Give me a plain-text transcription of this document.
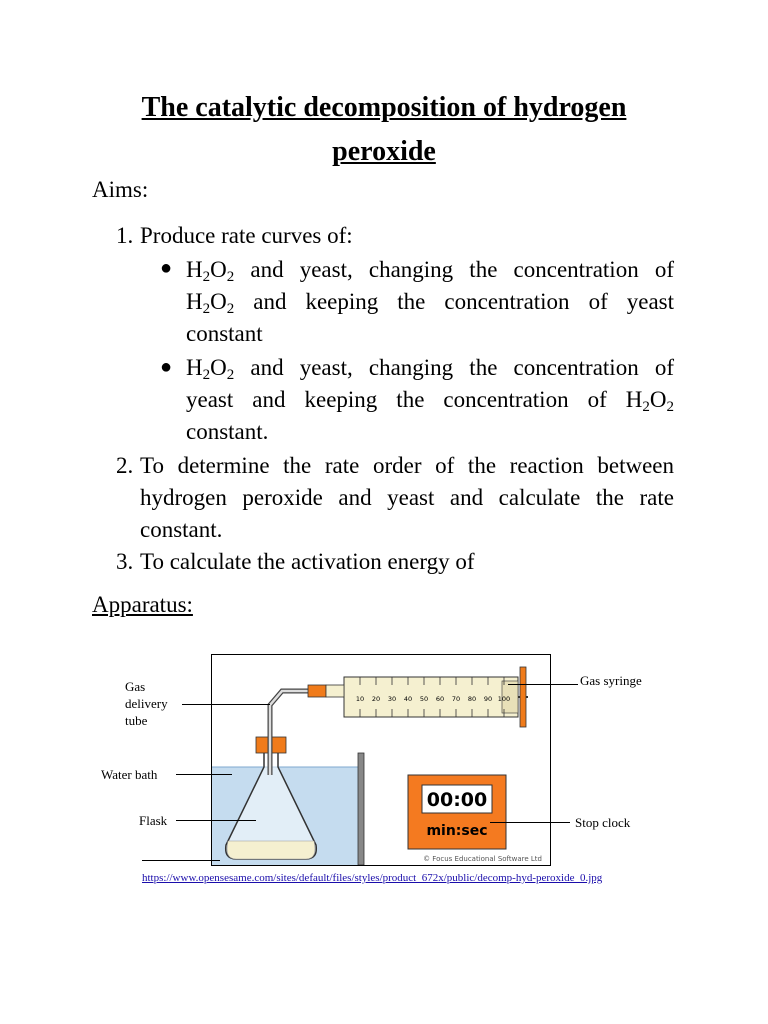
The catalytic decomposition of hydrogen
peroxide
Aims:
1. Produce rate curves of:
● $H_2O_2$ and yeast, changing the concentration of
$H_2O_2$ and keeping the concentration of yeast
constant
● $H_2O_2$ and yeast, changing the concentration of
yeast and keeping the concentration of $H_2O_2$
constant.
2. To determine the rate order of the reaction between
hydrogen peroxide and yeast and calculate the rate
constant.
3. To calculate the activation energy of
Apparatus:
10 20 30 40 50 60 70 80 90 100
00:00
min:sec
© Focus Educational Software Ltd
Gas
delivery
tube
Water bath
Flask
Gas syringe
Stop clock
https://www.opensesame.com/sites/default/files/styles/product_672x/public/decomp-hyd-peroxide_0.jpg
